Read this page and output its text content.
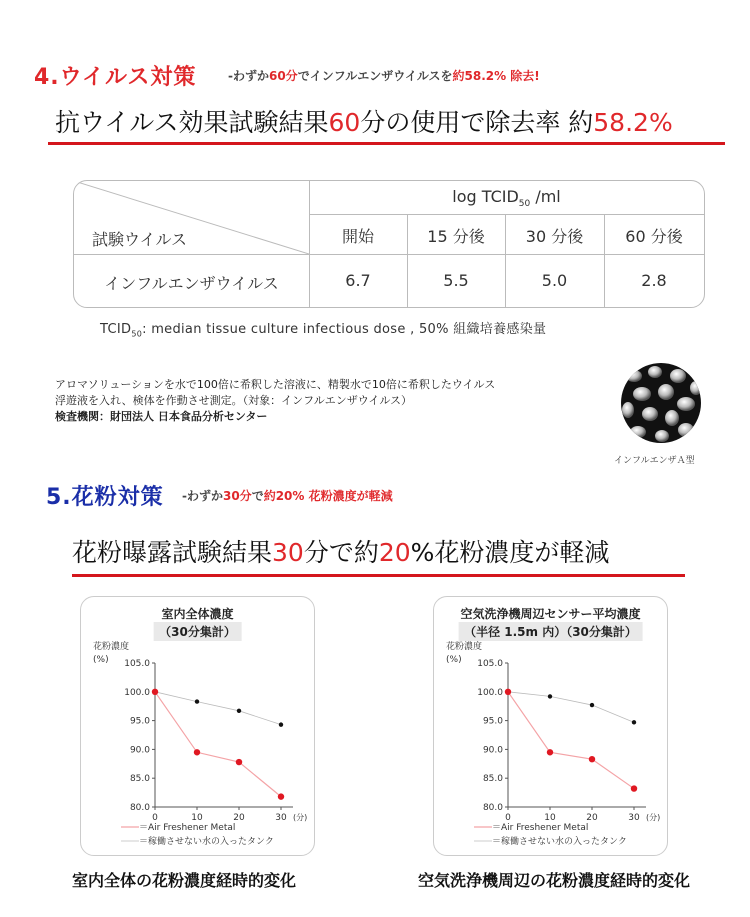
4.ウイルス対策	-わずか60分でインフルエンザウイルスを約58.2% 除去!
抗ウイルス効果試験結果60分の使用で除去率 約58.2%
$\log TCID_{50}$ /ml
試験ウイルス	開始	15 分後	30 分後	60 分後
インフルエンザウイルス	6.7	5.5	5.0	2.8
$TCID_{50}$: median tissue culture infectious dose , 50% 組織培養感染量
アロマソリューションを水で100倍に希釈した溶液に、精製水で10倍に希釈したウイルス
浮遊液を入れ、検体を作動させ測定。（対象：インフルエンザウイルス）
検査機関：財団法人 日本食品分析センター
インフルエンザＡ型
5.花粉対策 -わずか30分で約20% 花粉濃度が軽減
花粉曝露試験結果30分で約20%花粉濃度が軽減
室内全体濃度
（30分集計）
花粉濃度
(%) 105.0
100.0
95.0
90.0
85.0
80.0
0	10	20	30 (分)
＝Air Freshener Metal
＝稼働させない水の入ったタンク
室内全体の花粉濃度経時的変化
空気洗浄機周辺センサー平均濃度
（半径 1.5m 内）（30分集計）
花粉濃度
(%) 105.0
100.0
95.0
90.0
85.0
80.0
0	10	20	30 (分)
＝Air Freshener Metal
＝稼働させない水の入ったタンク
空気洗浄機周辺の花粉濃度経時的変化
